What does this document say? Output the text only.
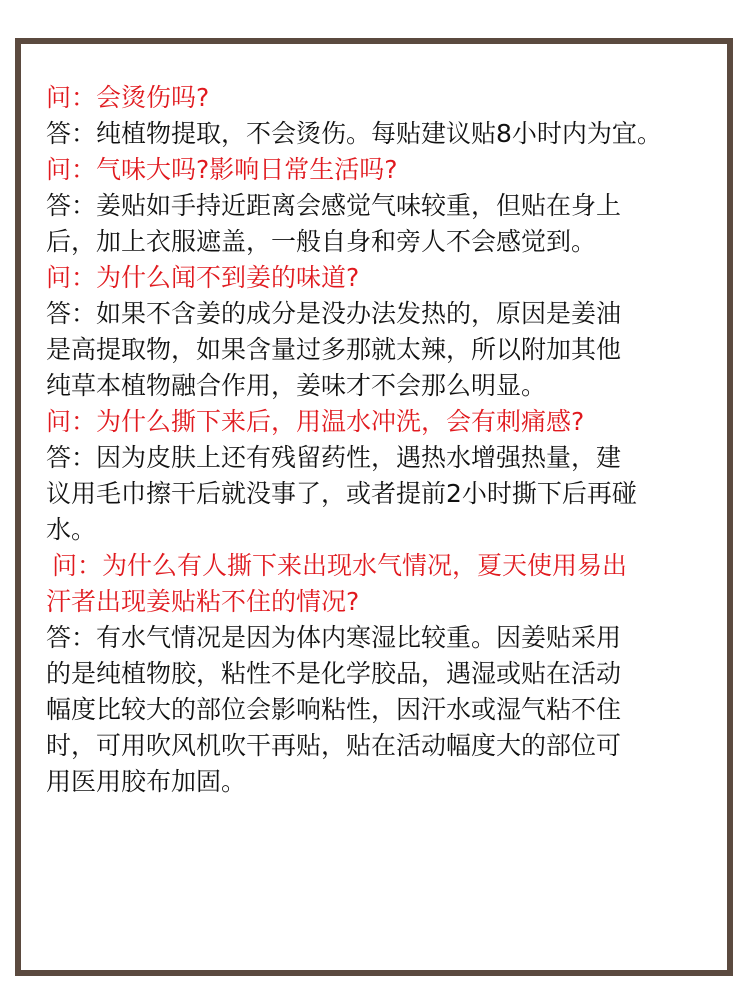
问：会烫伤吗?
答：纯植物提取，不会烫伤。每贴建议贴8小时内为宜。
问：气味大吗?影响日常生活吗?
答：姜贴如手持近距离会感觉气味较重，但贴在身上
后，加上衣服遮盖，一般自身和旁人不会感觉到。
问：为什么闻不到姜的味道?
答：如果不含姜的成分是没办法发热的，原因是姜油
是高提取物，如果含量过多那就太辣，所以附加其他
纯草本植物融合作用，姜味才不会那么明显。
问：为什么撕下来后，用温水冲洗，会有刺痛感?
答：因为皮肤上还有残留药性，遇热水增强热量，建
议用毛巾擦干后就没事了，或者提前2小时撕下后再碰
水。
问：为什么有人撕下来出现水气情况，夏天使用易出
汗者出现姜贴粘不住的情况?
答：有水气情况是因为体内寒湿比较重。因姜贴采用
的是纯植物胶，粘性不是化学胶品，遇湿或贴在活动
幅度比较大的部位会影响粘性，因汗水或湿气粘不住
时，可用吹风机吹干再贴，贴在活动幅度大的部位可
用医用胶布加固。
